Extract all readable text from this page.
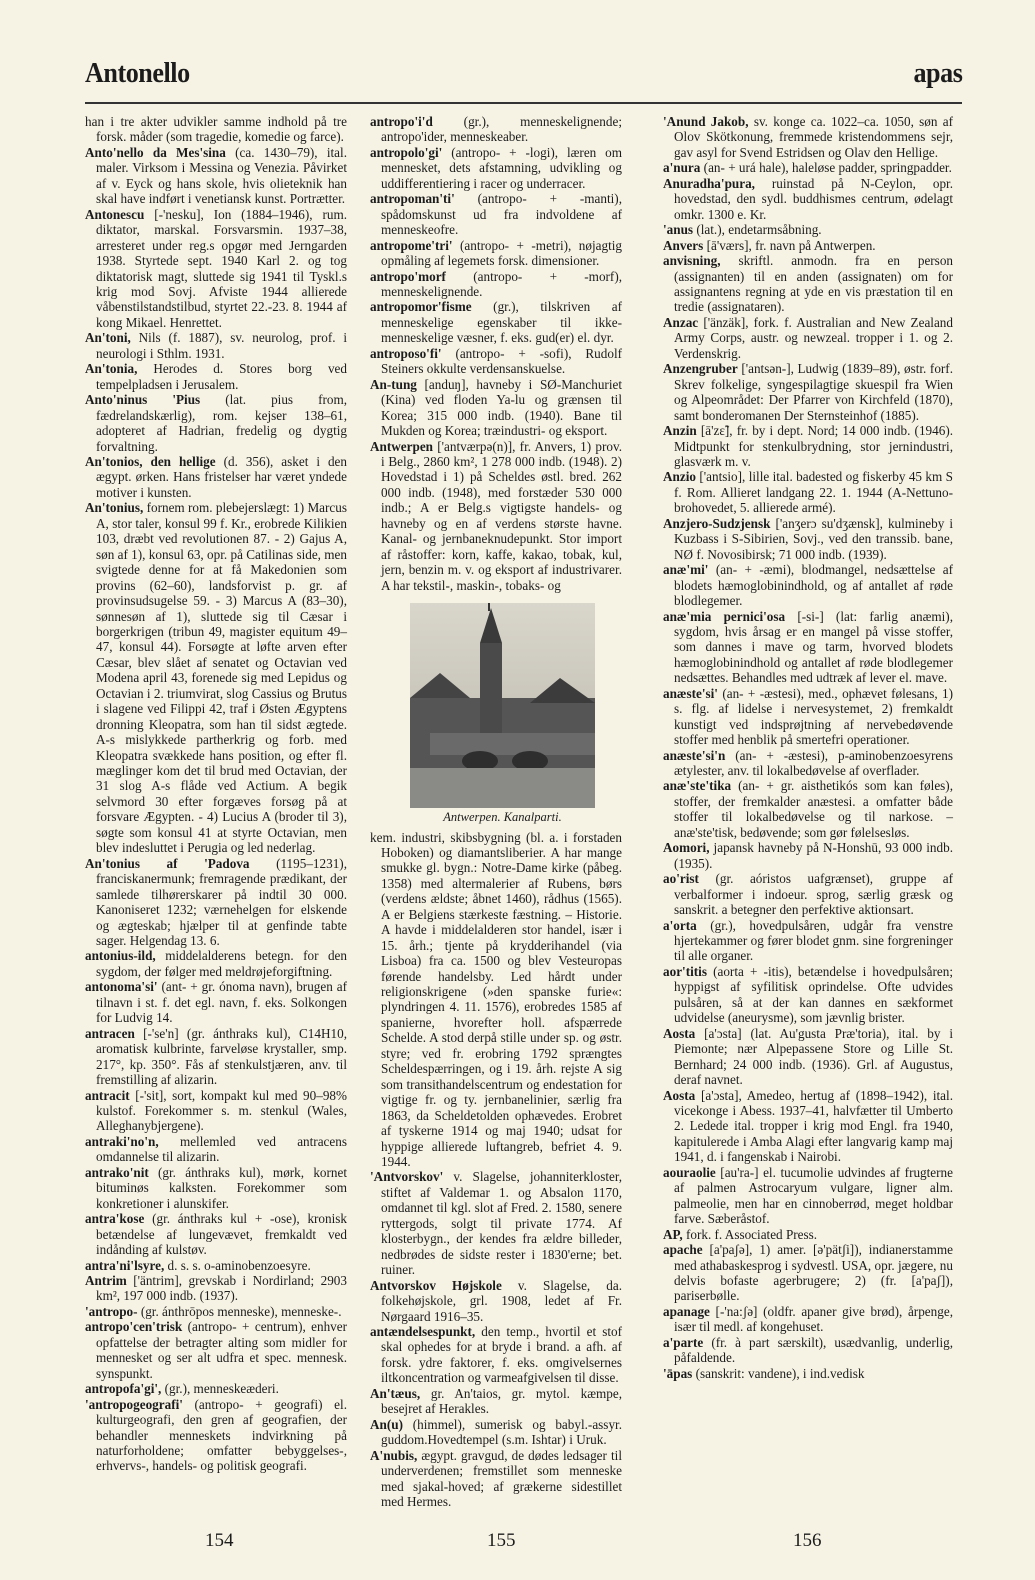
Antonello	apas

han i tre akter udvikler samme indhold på tre forsk. måder (som tragedie, komedie og farce).

Anto'nello da Mes'sina (ca. 1430–79), ital. maler. Virksom i Messina og Venezia. Påvirket af v. Eyck og hans skole, hvis olieteknik han skal have indført i venetiansk kunst. Portrætter.

Antonescu [-'nesku], Ion (1884–1946), rum. diktator, marskal. Forsvarsmin. 1937–38, arresteret under reg.s opgør med Jerngarden 1938. Styrtede sept. 1940 Karl 2. og tog diktatorisk magt, sluttede sig 1941 til Tyskl.s krig mod Sovj. Afviste 1944 allierede våbenstilstandstilbud, styrtet 22.-23. 8. 1944 af kong Mikael. Henrettet.

An'toni, Nils (f. 1887), sv. neurolog, prof. i neurologi i Sthlm. 1931.

An'tonia, Herodes d. Stores borg ved tempelpladsen i Jerusalem.

Anto'ninus 'Pius (lat. pius from, fædrelandskærlig), rom. kejser 138–61, adopteret af Hadrian, fredelig og dygtig forvaltning.

An'tonios, den hellige (d. 356), asket i den ægypt. ørken. Hans fristelser har været yndede motiver i kunsten.

An'tonius, fornem rom. plebejerslægt: 1) Marcus A, stor taler, konsul 99 f. Kr., erobrede Kilikien 103, dræbt ved revolutionen 87. - 2) Gajus A, søn af 1), konsul 63, opr. på Catilinas side, men svigtede denne for at få Makedonien som provins (62–60), landsforvist p. gr. af provinsudsugelse 59. - 3) Marcus A (83–30), sønnesøn af 1), sluttede sig til Cæsar i borgerkrigen (tribun 49, magister equitum 49–47, konsul 44). Forsøgte at løfte arven efter Cæsar, blev slået af senatet og Octavian ved Modena april 43, forenede sig med Lepidus og Octavian i 2. triumvirat, slog Cassius og Brutus i slagene ved Filippi 42, traf i Østen Ægyptens dronning Kleopatra, som han til sidst ægtede. A-s mislykkede partherkrig og forb. med Kleopatra svækkede hans position, og efter fl. mæglinger kom det til brud med Octavian, der 31 slog A-s flåde ved Actium. A begik selvmord 30 efter forgæves forsøg på at forsvare Ægypten. - 4) Lucius A (broder til 3), søgte som konsul 41 at styrte Octavian, men blev indesluttet i Perugia og led nederlag.

An'tonius af 'Padova (1195–1231), franciskanermunk; fremragende prædikant, der samlede tilhørerskarer på indtil 30 000. Kanoniseret 1232; værnehelgen for elskende og ægteskab; hjælper til at genfinde tabte sager. Helgendag 13. 6.

antonius-ild, middelalderens betegn. for den sygdom, der følger med meldrøjeforgiftning.

antonoma'si' (ant- + gr. ónoma navn), brugen af tilnavn i st. f. det egl. navn, f. eks. Solkongen for Ludvig 14.

antracen [-'se'n] (gr. ánthraks kul), C14H10, aromatisk kulbrinte, farveløse krystaller, smp. 217°, kp. 350°. Fås af stenkulstjæren, anv. til fremstilling af alizarin.

antracit [-'sit], sort, kompakt kul med 90–98% kulstof. Forekommer s. m. stenkul (Wales, Alleghanybjergene).

antraki'no'n, mellemled ved antracens omdannelse til alizarin.

antrako'nit (gr. ánthraks kul), mørk, kornet bituminøs kalksten. Forekommer som konkretioner i alunskifer.

antra'kose (gr. ánthraks kul + -ose), kronisk betændelse af lungevævet, fremkaldt ved indånding af kulstøv.

antra'ni'lsyre, d. s. s. o-aminobenzoesyre.

Antrim ['äntrim], grevskab i Nordirland; 2903 km², 197 000 indb. (1937).

'antropo- (gr. ánthrōpos menneske), menneske-.

antropo'cen'trisk (antropo- + centrum), enhver opfattelse der betragter alting som midler for mennesket og ser alt udfra et spec. mennesk. synspunkt.

antropofa'gi', (gr.), menneskeæderi.

'antropogeografi' (antropo- + geografi) el. kulturgeografi, den gren af geografien, der behandler menneskets indvirkning på naturforholdene; omfatter bebyggelses-, erhvervs-, handels- og politisk geografi.

antropo'i'd (gr.), menneskelignende; antropo'ider, menneskeaber.

antropolo'gi' (antropo- + -logi), læren om mennesket, dets afstamning, udvikling og uddifferentiering i racer og underracer.

antropoman'ti' (antropo- + -manti), spådomskunst ud fra indvoldene af menneskeofre.

antropome'tri' (antropo- + -metri), nøjagtig opmåling af legemets forsk. dimensioner.

antropo'morf (antropo- + -morf), menneskelignende.

antropomor'fisme (gr.), tilskriven af menneskelige egenskaber til ikke-menneskelige væsner, f. eks. gud(er) el. dyr.

antroposo'fi' (antropo- + -sofi), Rudolf Steiners okkulte verdensanskuelse.

An-tung [anduŋ], havneby i SØ-Manchuriet (Kina) ved floden Ya-lu og grænsen til Korea; 315 000 indb. (1940). Bane til Mukden og Korea; træindustri- og eksport.

Antwerpen ['antværpə(n)], fr. Anvers, 1) prov. i Belg., 2860 km², 1 278 000 indb. (1948). 2) Hovedstad i 1) på Scheldes østl. bred. 262 000 indb. (1948), med forstæder 530 000 indb.; A er Belg.s vigtigste handels- og havneby og en af verdens største havne. Kanal- og jernbaneknudepunkt. Stor import af råstoffer: korn, kaffe, kakao, tobak, kul, jern, benzin m. v. og eksport af industrivarer. A har tekstil-, maskin-, tobaks- og

Antwerpen. Kanalparti.

kem. industri, skibsbygning (bl. a. i forstaden Hoboken) og diamantsliberier. A har mange smukke gl. bygn.: Notre-Dame kirke (påbeg. 1358) med altermalerier af Rubens, børs (verdens ældste; åbnet 1460), rådhus (1565). A er Belgiens stærkeste fæstning. – Historie. A havde i middelalderen stor handel, især i 15. årh.; tjente på krydderihandel (via Lisboa) fra ca. 1500 og blev Vesteuropas førende handelsby. Led hårdt under religionskrigene (»den spanske furie«: plyndringen 4. 11. 1576), erobredes 1585 af spanierne, hvorefter holl. afspærrede Schelde. A stod derpå stille under sp. og østr. styre; ved fr. erobring 1792 sprængtes Scheldespærringen, og i 19. årh. rejste A sig som transithandelscentrum og endestation for vigtige fr. og ty. jernbanelinier, særlig fra 1863, da Scheldetolden ophævedes. Erobret af tyskerne 1914 og maj 1940; udsat for hyppige allierede luftangreb, befriet 4. 9. 1944.

'Antvorskov' v. Slagelse, johanniterkloster, stiftet af Valdemar 1. og Absalon 1170, omdannet til kgl. slot af Fred. 2. 1580, senere ryttergods, solgt til private 1774. Af klosterbygn., der kendes fra ældre billeder, nedbrødes de sidste rester i 1830'erne; bet. ruiner.

Antvorskov Højskole v. Slagelse, da. folkehøjskole, grl. 1908, ledet af Fr. Nørgaard 1916–35.

antændelsespunkt, den temp., hvortil et stof skal ophedes for at bryde i brand. a afh. af forsk. ydre faktorer, f. eks. omgivelsernes iltkoncentration og varmeafgivelsen til disse.

An'tæus, gr. An'taios, gr. mytol. kæmpe, besejret af Herakles.

An(u) (himmel), sumerisk og babyl.-assyr. guddom.Hovedtempel (s.m. Ishtar) i Uruk.

A'nubis, ægypt. gravgud, de dødes ledsager til underverdenen; fremstillet som menneske med sjakal-hoved; af grækerne sidestillet med Hermes.

'Anund Jakob, sv. konge ca. 1022–ca. 1050, søn af Olov Skötkonung, fremmede kristendommens sejr, gav asyl for Svend Estridsen og Olav den Hellige.

a'nura (an- + urá hale), haleløse padder, springpadder.

Anuradha'pura, ruinstad på N-Ceylon, opr. hovedstad, den sydl. buddhismes centrum, ødelagt omkr. 1300 e. Kr.

'anus (lat.), endetarmsåbning.

Anvers [ā'værs], fr. navn på Antwerpen.

anvisning, skriftl. anmodn. fra en person (assignanten) til en anden (assignaten) om for assignantens regning at yde en vis præstation til en tredie (assignataren).

Anzac ['änzäk], fork. f. Australian and New Zealand Army Corps, austr. og newzeal. tropper i 1. og 2. Verdenskrig.

Anzengruber ['antsən-], Ludwig (1839–89), østr. forf. Skrev folkelige, syngespilagtige skuespil fra Wien og Alpeområdet: Der Pfarrer von Kirchfeld (1870), samt bonderomanen Der Sternsteinhof (1885).

Anzin [ā'zɛ̃], fr. by i dept. Nord; 14 000 indb. (1946). Midtpunkt for stenkulbrydning, stor jernindustri, glasværk m. v.

Anzio ['antsio], lille ital. badested og fiskerby 45 km S f. Rom. Allieret landgang 22. 1. 1944 (A-Nettuno-brohovedet, 5. allierede armé).

Anzjero-Sudzjensk ['anʒerɔ su'dʒænsk], kulmineby i Kuzbass i S-Sibirien, Sovj., ved den transsib. bane, NØ f. Novosibirsk; 71 000 indb. (1939).

anæ'mi' (an- + -æmi), blodmangel, nedsættelse af blodets hæmoglobinindhold, og af antallet af røde blodlegemer.

anæ'mia pernici'osa [-si-] (lat: farlig anæmi), sygdom, hvis årsag er en mangel på visse stoffer, som dannes i mave og tarm, hvorved blodets hæmoglobinindhold og antallet af røde blodlegemer nedsættes. Behandles med udtræk af lever el. mave.

anæste'si' (an- + -æstesi), med., ophævet følesans, 1) s. flg. af lidelse i nervesystemet, 2) fremkaldt kunstigt ved indsprøjtning af nervebedøvende stoffer med henblik på smertefri operationer.

anæste'si'n (an- + -æstesi), p-aminobenzoesyrens ætylester, anv. til lokalbedøvelse af overflader.

anæ'ste'tika (an- + gr. aisthetikós som kan føles), stoffer, der fremkalder anæstesi. a omfatter både stoffer til lokalbedøvelse og til narkose. – anæ'ste'tisk, bedøvende; som gør følelsesløs.

Aomori, japansk havneby på N-Honshū, 93 000 indb. (1935).

ao'rist (gr. aóristos uafgrænset), gruppe af verbalformer i indoeur. sprog, særlig græsk og sanskrit. a betegner den perfektive aktionsart.

a'orta (gr.), hovedpulsåren, udgår fra venstre hjertekammer og fører blodet gnm. sine forgreninger til alle organer.

aor'titis (aorta + -itis), betændelse i hovedpulsåren; hyppigst af syfilitisk oprindelse. Ofte udvides pulsåren, så at der kan dannes en sækformet udvidelse (aneurysme), som jævnlig brister.

Aosta [a'ɔsta] (lat. Au'gusta Præ'toria), ital. by i Piemonte; nær Alpepassene Store og Lille St. Bernhard; 24 000 indb. (1936). Grl. af Augustus, deraf navnet.

Aosta [a'ɔsta], Amedeo, hertug af (1898–1942), ital. vicekonge i Abess. 1937–41, halvfætter til Umberto 2. Ledede ital. tropper i krig mod Engl. fra 1940, kapitulerede i Amba Alagi efter langvarig kamp maj 1941, d. i fangenskab i Nairobi.

aouraolie [au'ra-] el. tucumolie udvindes af frugterne af palmen Astrocaryum vulgare, ligner alm. palmeolie, men har en cinnoberrød, meget holdbar farve. Sæberåstof.

AP, fork. f. Associated Press.

apache [a'paʃə], 1) amer. [ə'pätʃi]), indianerstamme med athabaskesprog i sydvestl. USA, opr. jægere, nu delvis bofaste agerbrugere; 2) (fr. [a'paʃ]), pariserbølle.

apanage [-'na:ʃə] (oldfr. apaner give brød), årpenge, især til medl. af kongehuset.

a'parte (fr. à part særskilt), usædvanlig, underlig, påfaldende.

'āpas (sanskrit: vandene), i ind.vedisk

154	155	156
